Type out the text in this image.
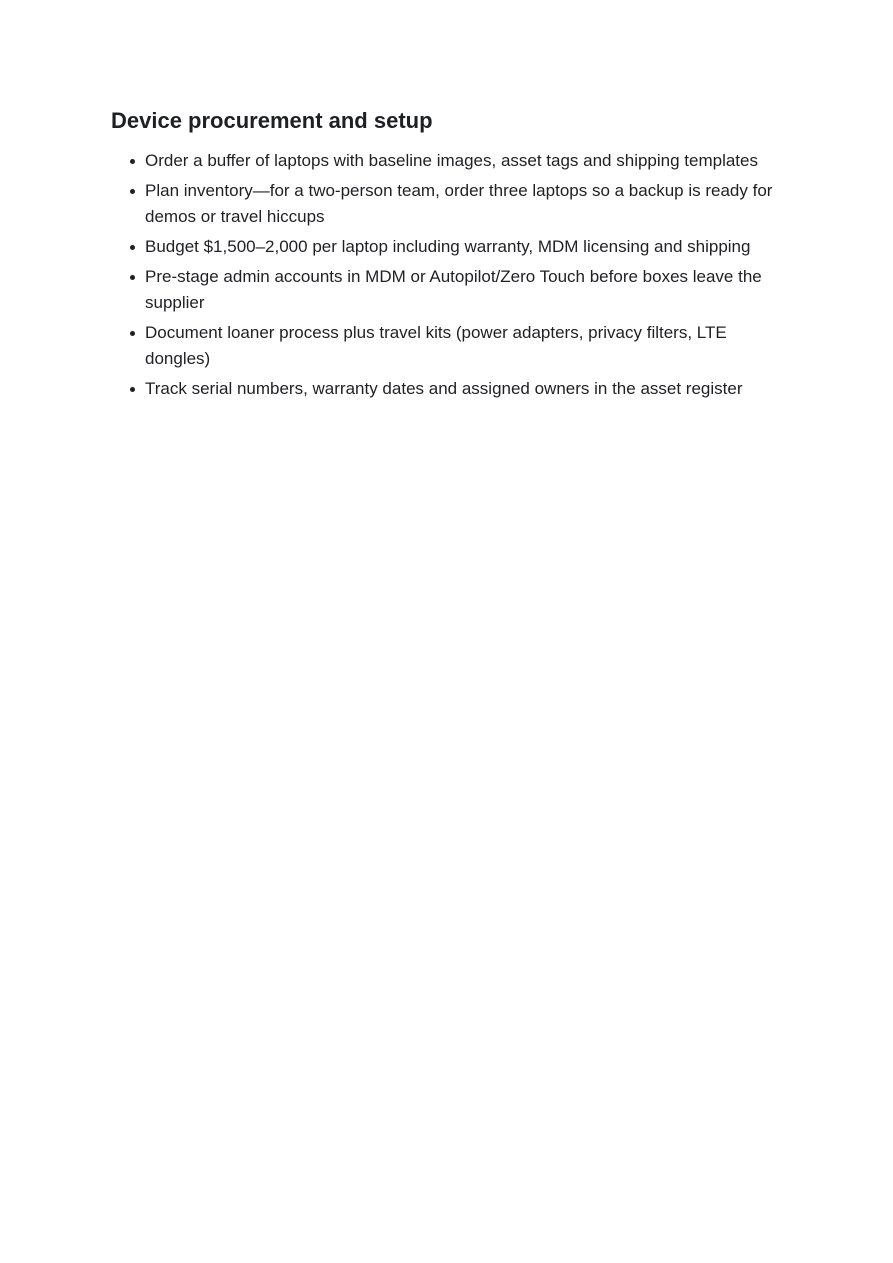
Device procurement and setup
Order a buffer of laptops with baseline images, asset tags and shipping templates
Plan inventory—for a two-person team, order three laptops so a backup is ready for demos or travel hiccups
Budget $1,500–2,000 per laptop including warranty, MDM licensing and shipping
Pre-stage admin accounts in MDM or Autopilot/Zero Touch before boxes leave the supplier
Document loaner process plus travel kits (power adapters, privacy filters, LTE dongles)
Track serial numbers, warranty dates and assigned owners in the asset register
